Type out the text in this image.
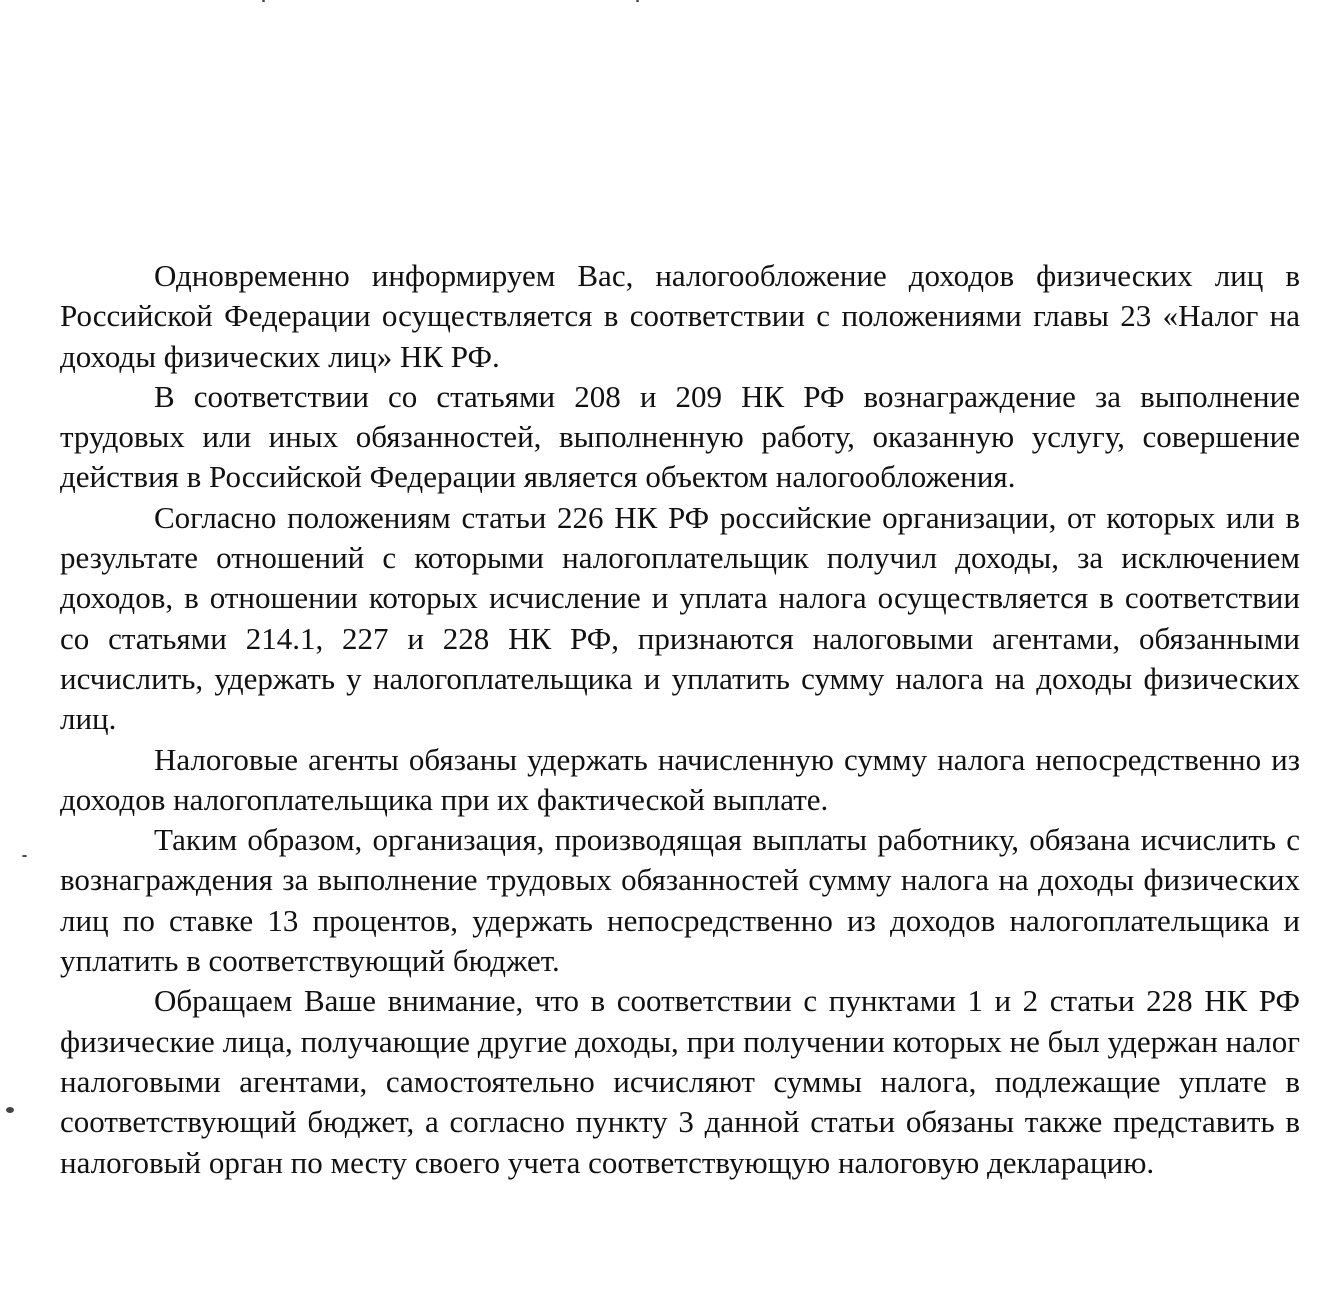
Одновременно информируем Вас, налогообложение доходов физических лиц в Российской Федерации осуществляется в соответствии с положениями главы 23 «Налог на доходы физических лиц» НК РФ.

В соответствии со статьями 208 и 209 НК РФ вознаграждение за выполнение трудовых или иных обязанностей, выполненную работу, оказанную услугу, совершение действия в Российской Федерации является объектом налогообложения.

Согласно положениям статьи 226 НК РФ российские организации, от которых или в результате отношений с которыми налогоплательщик получил доходы, за исключением доходов, в отношении которых исчисление и уплата налога осуществляется в соответствии со статьями 214.1, 227 и 228 НК РФ, признаются налоговыми агентами, обязанными исчислить, удержать у налогоплательщика и уплатить сумму налога на доходы физических лиц.

Налоговые агенты обязаны удержать начисленную сумму налога непосредственно из доходов налогоплательщика при их фактической выплате.

Таким образом, организация, производящая выплаты работнику, обязана исчислить с вознаграждения за выполнение трудовых обязанностей сумму налога на доходы физических лиц по ставке 13 процентов, удержать непосредственно из доходов налогоплательщика и уплатить в соответствующий бюджет.

Обращаем Ваше внимание, что в соответствии с пунктами 1 и 2 статьи 228 НК РФ физические лица, получающие другие доходы, при получении которых не был удержан налог налоговыми агентами, самостоятельно исчисляют суммы налога, подлежащие уплате в соответствующий бюджет, а согласно пункту 3 данной статьи обязаны также представить в налоговый орган по месту своего учета соответствующую налоговую декларацию.
